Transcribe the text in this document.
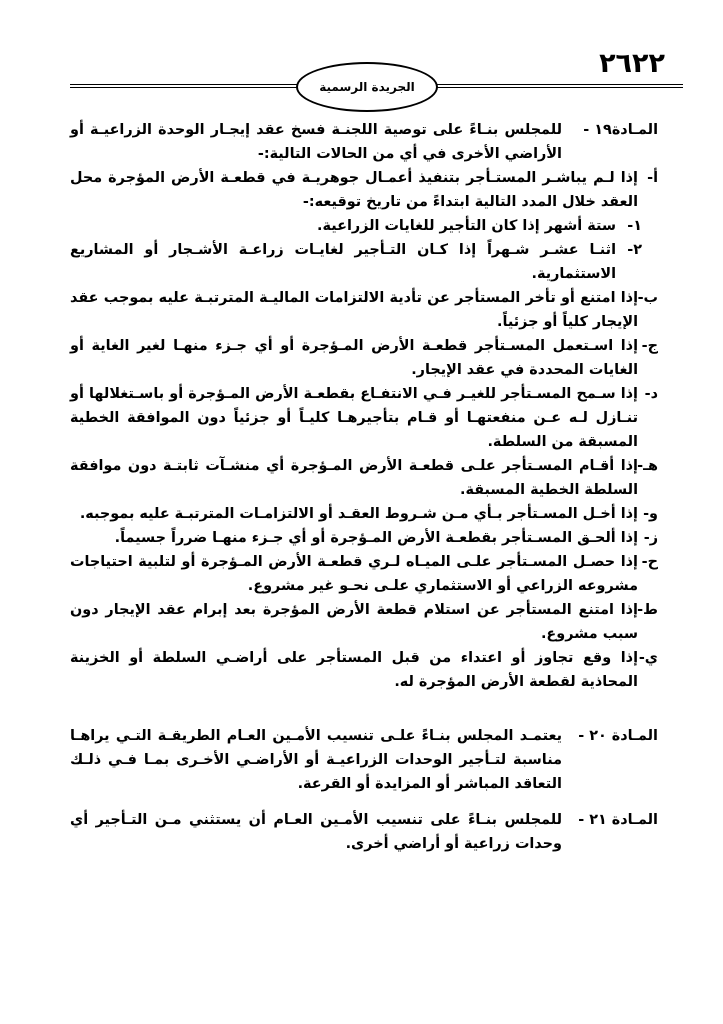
٢٦٢٢
الجريدة الرسمية
المـادة١٩ -
للمجلس بنـاءً على توصية اللجنـة فسخ عقد إيجـار الوحدة الزراعيـة أو الأراضي الأخرى في أي من الحالات التالية:-
أ-
إذا لـم يباشـر المستـأجر بتنفيذ أعمـال جوهريـة في قطعـة الأرض المؤجرة محل العقد خلال المدد التالية ابتداءً من تاريخ توقيعه:-
١-
ستة أشهر إذا كان التأجير للغايات الزراعية.
٢-
اثنـا عشـر شـهراً إذا كـان التـأجير لغايـات زراعـة الأشـجار أو المشاريع الاستثمارية.
ب-
إذا امتنع أو تأخر المستأجر عن تأدية الالتزامات الماليـة المترتبـة عليه بموجب عقد الإيجار كلياً أو جزئياً.
ج-
إذا اسـتعمل المسـتأجر قطعـة الأرض المـؤجرة أو أي جـزء منهـا لغير الغاية أو الغايات المحددة في عقد الإيجار.
د-
إذا سـمح المسـتأجر للغيـر فـي الانتفـاع بقطعـة الأرض المـؤجرة أو باسـتغلالها أو تنـازل لـه عـن منفعتهـا أو قـام بتأجيرهـا كليـاً أو جزئياً دون الموافقة الخطية المسبقة من السلطة.
هـ-
إذا أقـام المسـتأجر علـى قطعـة الأرض المـؤجرة أي منشـآت ثابتـة دون موافقة السلطة الخطية المسبقة.
و-
إذا أخـل المسـتأجر بـأي مـن شـروط العقـد أو الالتزامـات المترتبـة عليه بموجبه.
ز-
إذا ألحـق المسـتأجر بقطعـة الأرض المـؤجرة أو أي جـزء منهـا ضرراً جسيماً.
ح-
إذا حصـل المسـتأجر علـى الميـاه لـري قطعـة الأرض المـؤجرة أو لتلبية احتياجات مشروعه الزراعي أو الاستثماري علـى نحـو غير مشروع.
ط-
إذا امتنع المستأجر عن استلام قطعة الأرض المؤجرة بعد إبرام عقد الإيجار دون سبب مشروع.
ي-
إذا وقع تجاوز أو اعتداء من قبل المستأجر على أراضـي السلطة أو الخزينة المحاذية لقطعة الأرض المؤجرة له.
المـادة ٢٠ -
يعتمـد المجلس بنـاءً علـى تنسيب الأمـين العـام الطريقـة التـي يراهـا مناسبة لتـأجير الوحدات الزراعيـة أو الأراضـي الأخـرى بمـا فـي ذلـك التعاقد المباشر أو المزايدة أو القرعة.
المـادة ٢١ -
للمجلس بنـاءً على تنسيب الأمـين العـام أن يستثني مـن التـأجير أي وحدات زراعية أو أراضي أخرى.
